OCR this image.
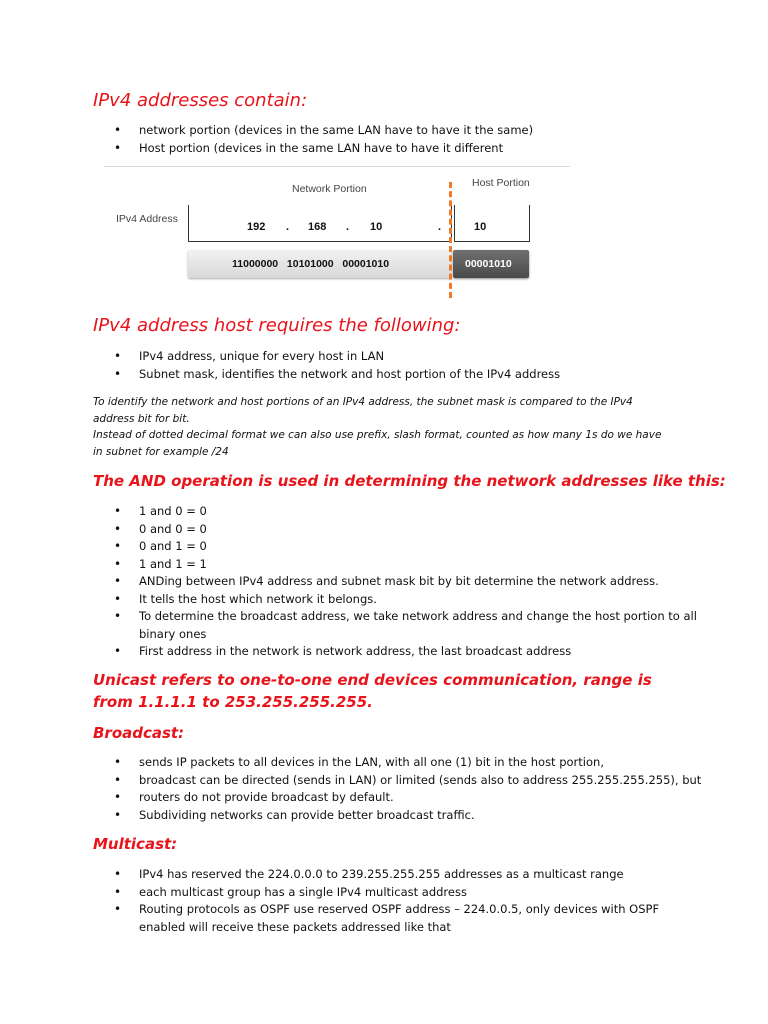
IPv4 addresses contain:
• network portion (devices in the same LAN have to have it the same)
• Host portion (devices in the same LAN have to have it different
Network Portion	Host Portion
IPv4 Address
192 . 168 . 10	.	10
11000000   10101000   00001010	00001010
IPv4 address host requires the following:
• IPv4 address, unique for every host in LAN
• Subnet mask, identifies the network and host portion of the IPv4 address

To identify the network and host portions of an IPv4 address, the subnet mask is compared to the IPv4 address bit for bit.

Instead of dotted decimal format we can also use prefix, slash format, counted as how many 1s do we have in subnet for example /24

The AND operation is used in determining the network addresses like this:
• 1 and 0 = 0
• 0 and 0 = 0
• 0 and 1 = 0
• 1 and 1 = 1
• ANDing between IPv4 address and subnet mask bit by bit determine the network address.
• It tells the host which network it belongs.
• To determine the broadcast address, we take network address and change the host portion to all binary ones
• First address in the network is network address, the last broadcast address
Unicast refers to one-to-one end devices communication, range is from 1.1.1.1 to 253.255.255.255.
Broadcast:
• sends IP packets to all devices in the LAN, with all one (1) bit in the host portion,
• broadcast can be directed (sends in LAN) or limited (sends also to address 255.255.255.255), but
• routers do not provide broadcast by default.
• Subdividing networks can provide better broadcast traffic.
Multicast:
• IPv4 has reserved the 224.0.0.0 to 239.255.255.255 addresses as a multicast range
• each multicast group has a single IPv4 multicast address
• Routing protocols as OSPF use reserved OSPF address – 224.0.0.5, only devices with OSPF enabled will receive these packets addressed like that
